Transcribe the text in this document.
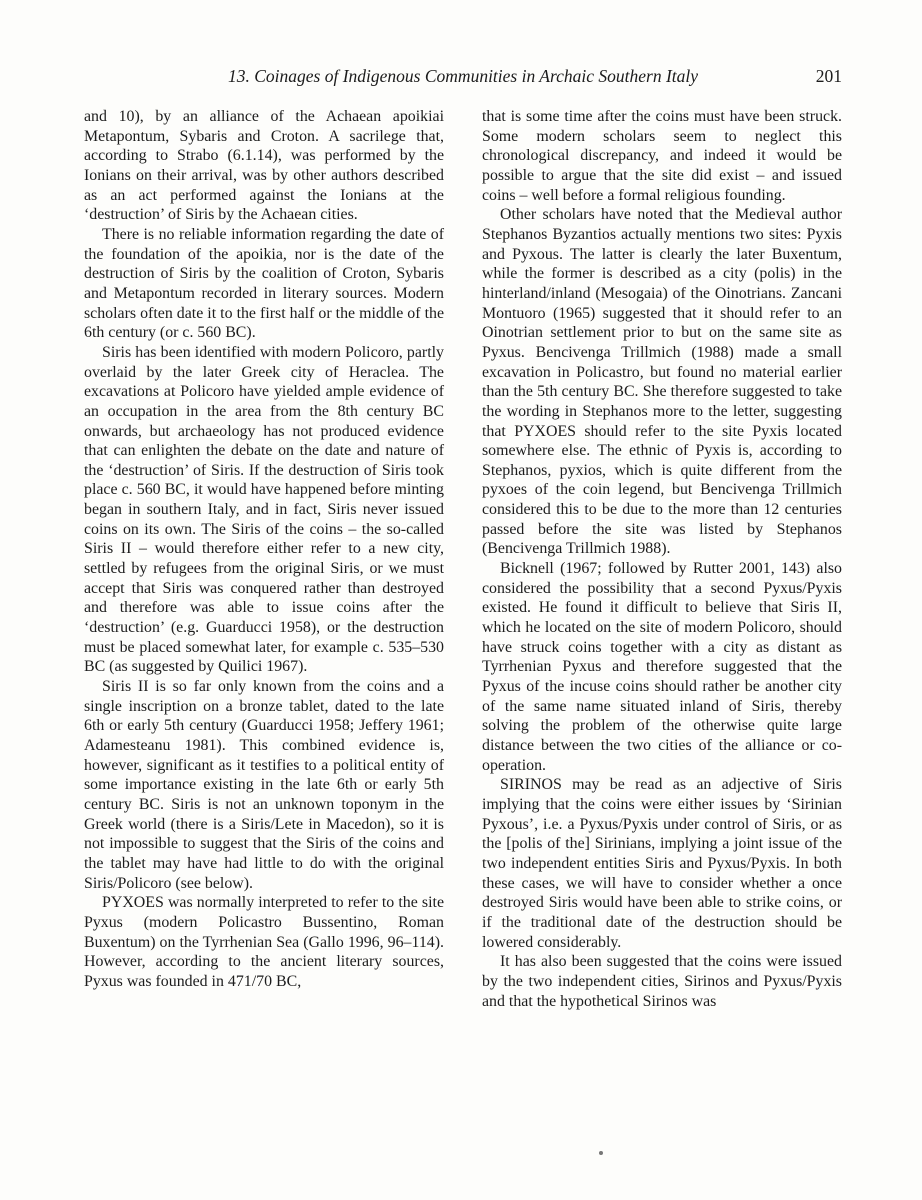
13. Coinages of Indigenous Communities in Archaic Southern Italy	201

and 10), by an alliance of the Achaean apoikiai Metapontum, Sybaris and Croton. A sacrilege that, according to Strabo (6.1.14), was performed by the Ionians on their arrival, was by other authors described as an act performed against the Ionians at the ‘destruction’ of Siris by the Achaean cities.

There is no reliable information regarding the date of the foundation of the apoikia, nor is the date of the destruction of Siris by the coalition of Croton, Sybaris and Metapontum recorded in literary sources. Modern scholars often date it to the first half or the middle of the 6th century (or c. 560 BC).

Siris has been identified with modern Policoro, partly overlaid by the later Greek city of Heraclea. The excavations at Policoro have yielded ample evidence of an occupation in the area from the 8th century BC onwards, but archaeology has not produced evidence that can enlighten the debate on the date and nature of the ‘destruction’ of Siris. If the destruction of Siris took place c. 560 BC, it would have happened before minting began in southern Italy, and in fact, Siris never issued coins on its own. The Siris of the coins – the so-called Siris II – would therefore either refer to a new city, settled by refugees from the original Siris, or we must accept that Siris was conquered rather than destroyed and therefore was able to issue coins after the ‘destruction’ (e.g. Guarducci 1958), or the destruction must be placed somewhat later, for example c. 535–530 BC (as suggested by Quilici 1967).

Siris II is so far only known from the coins and a single inscription on a bronze tablet, dated to the late 6th or early 5th century (Guarducci 1958; Jeffery 1961; Adamesteanu 1981). This combined evidence is, however, significant as it testifies to a political entity of some importance existing in the late 6th or early 5th century BC. Siris is not an unknown toponym in the Greek world (there is a Siris/Lete in Macedon), so it is not impossible to suggest that the Siris of the coins and the tablet may have had little to do with the original Siris/Policoro (see below).

PYXOES was normally interpreted to refer to the site Pyxus (modern Policastro Bussentino, Roman Buxentum) on the Tyrrhenian Sea (Gallo 1996, 96–114). However, according to the ancient literary sources, Pyxus was founded in 471/70 BC,

that is some time after the coins must have been struck. Some modern scholars seem to neglect this chronological discrepancy, and indeed it would be possible to argue that the site did exist – and issued coins – well before a formal religious founding.

Other scholars have noted that the Medieval author Stephanos Byzantios actually mentions two sites: Pyxis and Pyxous. The latter is clearly the later Buxentum, while the former is described as a city (polis) in the hinterland/inland (Mesogaia) of the Oinotrians. Zancani Montuoro (1965) suggested that it should refer to an Oinotrian settlement prior to but on the same site as Pyxus. Bencivenga Trillmich (1988) made a small excavation in Policastro, but found no material earlier than the 5th century BC. She therefore suggested to take the wording in Stephanos more to the letter, suggesting that PYXOES should refer to the site Pyxis located somewhere else. The ethnic of Pyxis is, according to Stephanos, pyxios, which is quite different from the pyxoes of the coin legend, but Bencivenga Trillmich considered this to be due to the more than 12 centuries passed before the site was listed by Stephanos (Bencivenga Trillmich 1988).

Bicknell (1967; followed by Rutter 2001, 143) also considered the possibility that a second Pyxus/Pyxis existed. He found it difficult to believe that Siris II, which he located on the site of modern Policoro, should have struck coins together with a city as distant as Tyrrhenian Pyxus and therefore suggested that the Pyxus of the incuse coins should rather be another city of the same name situated inland of Siris, thereby solving the problem of the otherwise quite large distance between the two cities of the alliance or co-operation.

SIRINOS may be read as an adjective of Siris implying that the coins were either issues by ‘Sirinian Pyxous’, i.e. a Pyxus/Pyxis under control of Siris, or as the [polis of the] Sirinians, implying a joint issue of the two independent entities Siris and Pyxus/Pyxis. In both these cases, we will have to consider whether a once destroyed Siris would have been able to strike coins, or if the traditional date of the destruction should be lowered considerably.

It has also been suggested that the coins were issued by the two independent cities, Sirinos and Pyxus/Pyxis and that the hypothetical Sirinos was
